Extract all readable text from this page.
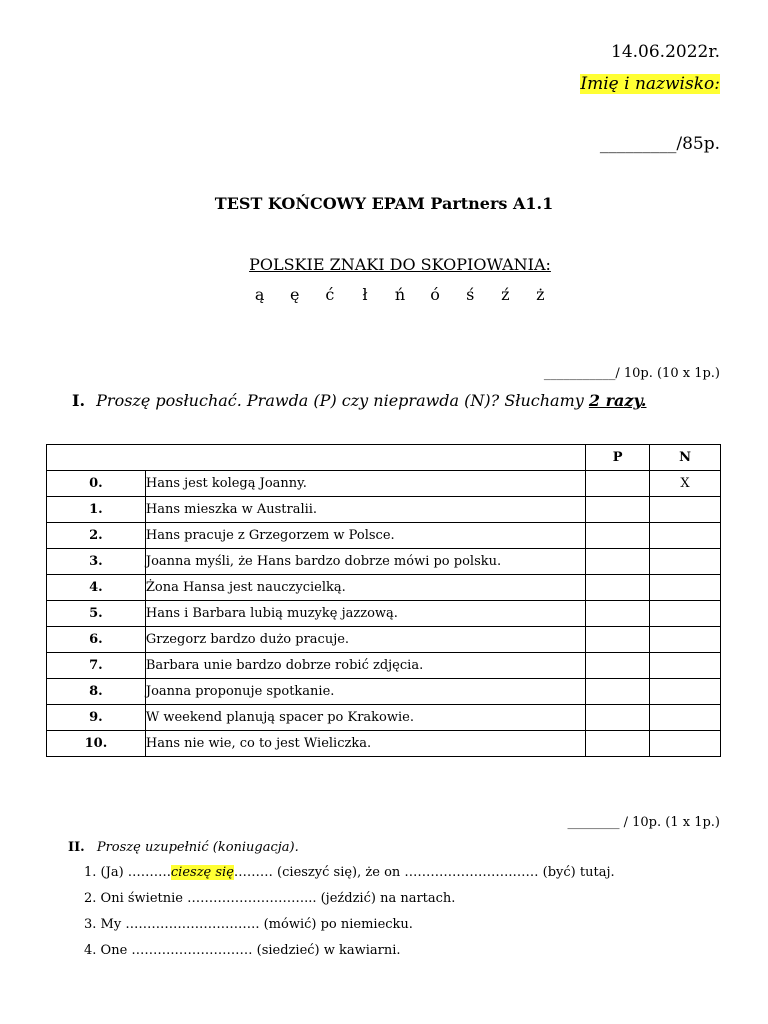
14.06.2022r.
Imię i nazwisko:
_________/85p.
TEST KOŃCOWY EPAM Partners A1.1
POLSKIE ZNAKI DO SKOPIOWANIA:
ą ę ć ł ń ó ś ź ż
___________/ 10p. (10 x 1p.)
I. Proszę posłuchać. Prawda (P) czy nieprawda (N)? Słuchamy 2 razy.
		P	N
0.	Hans jest kolegą Joanny.		X
1.	Hans mieszka w Australii.		
2.	Hans pracuje z Grzegorzem w Polsce.		
3.	Joanna myśli, że Hans bardzo dobrze mówi po polsku.		
4.	Żona Hansa jest nauczycielką.		
5.	Hans i Barbara lubią muzykę jazzową.		
6.	Grzegorz bardzo dużo pracuje.		
7.	Barbara unie bardzo dobrze robić zdjęcia.		
8.	Joanna proponuje spotkanie.		
9.	W weekend planują spacer po Krakowie.		
10.	Hans nie wie, co to jest Wieliczka.		
________ / 10p. (1 x 1p.)
II. Proszę uzupełnić (koniugacja).
1. (Ja) ……….cieszę się……… (cieszyć się), że on …………………….…… (być) tutaj.
2. Oni świetnie ………………………... (jeździć) na nartach.
3. My …………………………. (mówić) po niemiecku.
4. One ……….……………… (siedzieć) w kawiarni.
